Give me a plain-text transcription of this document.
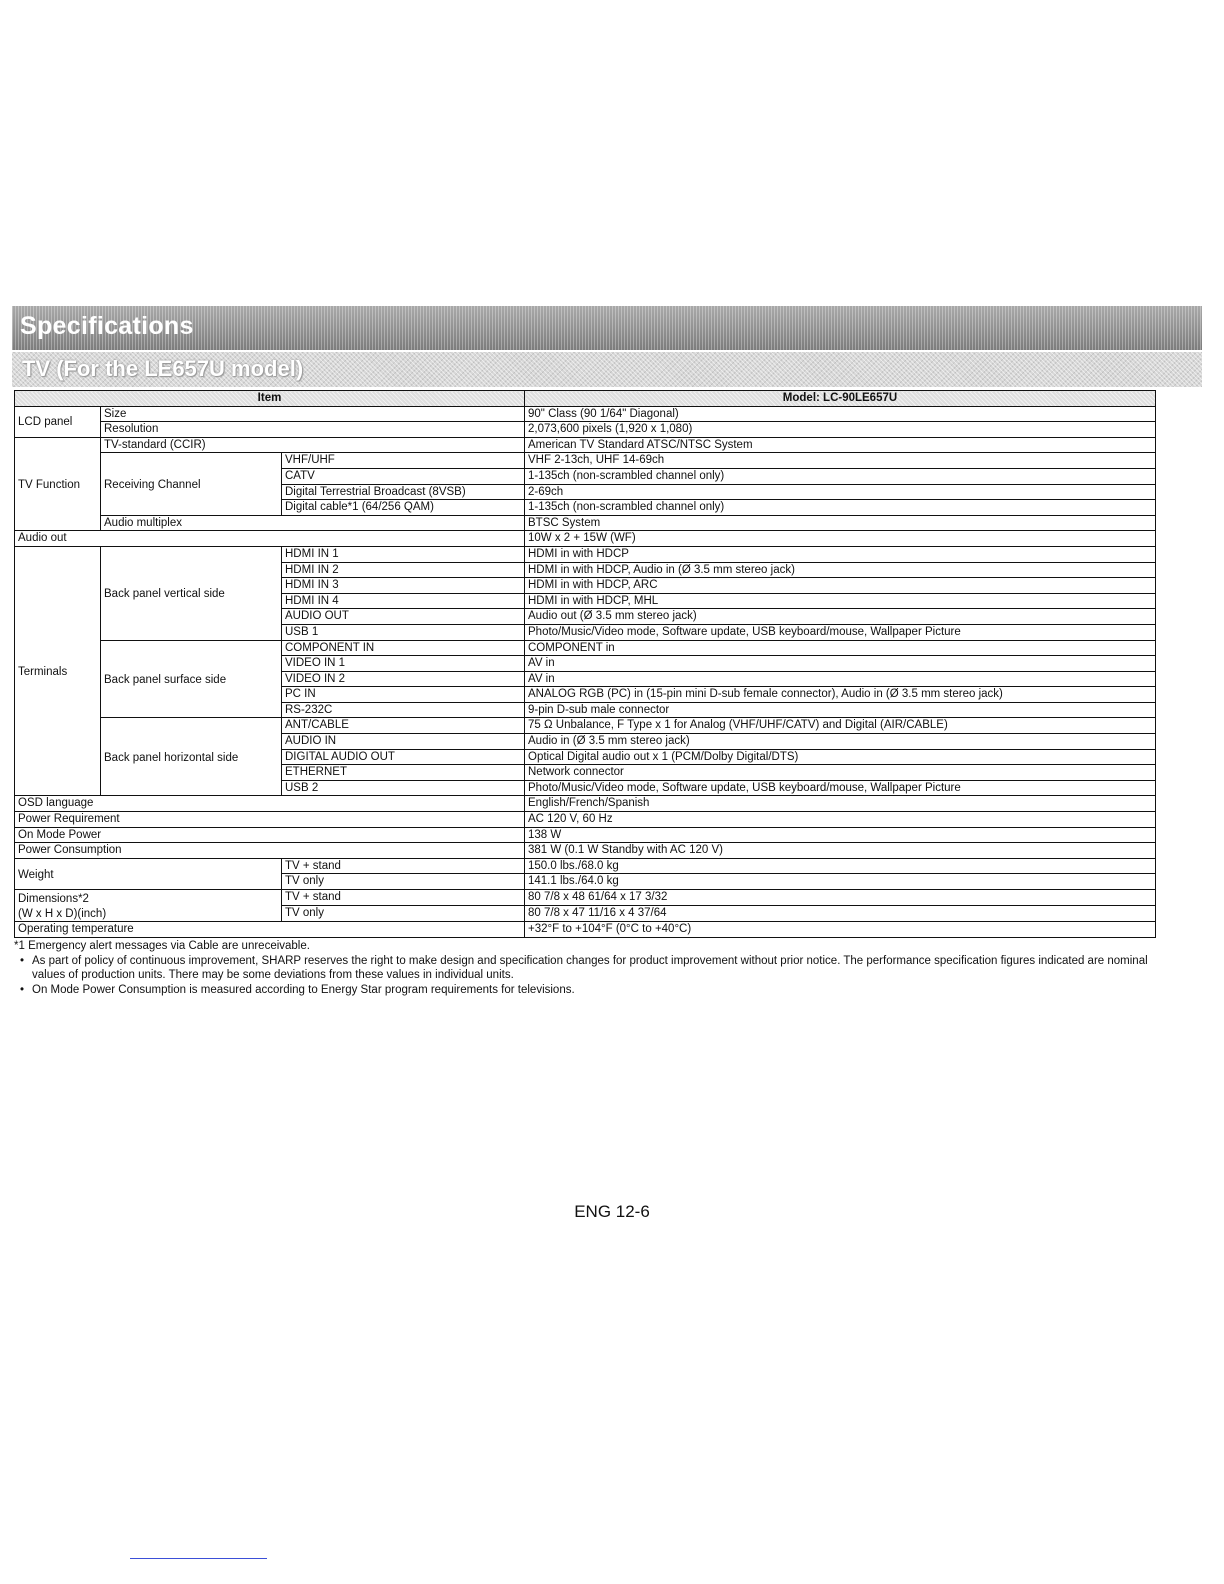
Specifications
TV (For the LE657U model)
Item			Model: LC-90LE657U
LCD panel	Size		90" Class (90 1/64" Diagonal)
	Resolution		2,073,600 pixels (1,920 x 1,080)
TV Function	TV-standard (CCIR)		American TV Standard ATSC/NTSC System
	Receiving Channel	VHF/UHF	VHF 2-13ch, UHF 14-69ch
		CATV	1-135ch (non-scrambled channel only)
		Digital Terrestrial Broadcast (8VSB)	2-69ch
		Digital cable*1 (64/256 QAM)	1-135ch (non-scrambled channel only)
	Audio multiplex		BTSC System
Audio out			10W x 2 + 15W (WF)
Terminals	Back panel vertical side	HDMI IN 1	HDMI in with HDCP
		HDMI IN 2	HDMI in with HDCP, Audio in (Ø 3.5 mm stereo jack)
		HDMI IN 3	HDMI in with HDCP, ARC
		HDMI IN 4	HDMI in with HDCP, MHL
		AUDIO OUT	Audio out (Ø 3.5 mm stereo jack)
		USB 1	Photo/Music/Video mode, Software update, USB keyboard/mouse, Wallpaper Picture
	Back panel surface side	COMPONENT IN	COMPONENT in
		VIDEO IN 1	AV in
		VIDEO IN 2	AV in
		PC IN	ANALOG RGB (PC) in (15-pin mini D-sub female connector), Audio in (Ø 3.5 mm stereo jack)
		RS-232C	9-pin D-sub male connector
	Back panel horizontal side	ANT/CABLE	75 Ω Unbalance, F Type x 1 for Analog (VHF/UHF/CATV) and Digital (AIR/CABLE)
		AUDIO IN	Audio in (Ø 3.5 mm stereo jack)
		DIGITAL AUDIO OUT	Optical Digital audio out x 1 (PCM/Dolby Digital/DTS)
		ETHERNET	Network connector
		USB 2	Photo/Music/Video mode, Software update, USB keyboard/mouse, Wallpaper Picture
OSD language			English/French/Spanish
Power Requirement			AC 120 V, 60 Hz
On Mode Power			138 W
Power Consumption			381 W (0.1 W Standby with AC 120 V)
Weight		TV + stand	150.0 lbs./68.0 kg
		TV only	141.1 lbs./64.0 kg

Dimensions*2
(W x H x D)(inch)		TV + stand	80 7/8 x 48 61/64 x 17 3/32
		TV only	80 7/8 x 47 11/16 x 4 37/64
Operating temperature			+32°F to +104°F (0°C to +40°C)

*1 Emergency alert messages via Cable are unreceivable.

• As part of policy of continuous improvement, SHARP reserves the right to make design and specification changes for product improvement without prior notice. The performance specification figures indicated are nominal values of production units. There may be some deviations from these values in individual units.

• On Mode Power Consumption is measured according to Energy Star program requirements for televisions.

ENG 12-6
